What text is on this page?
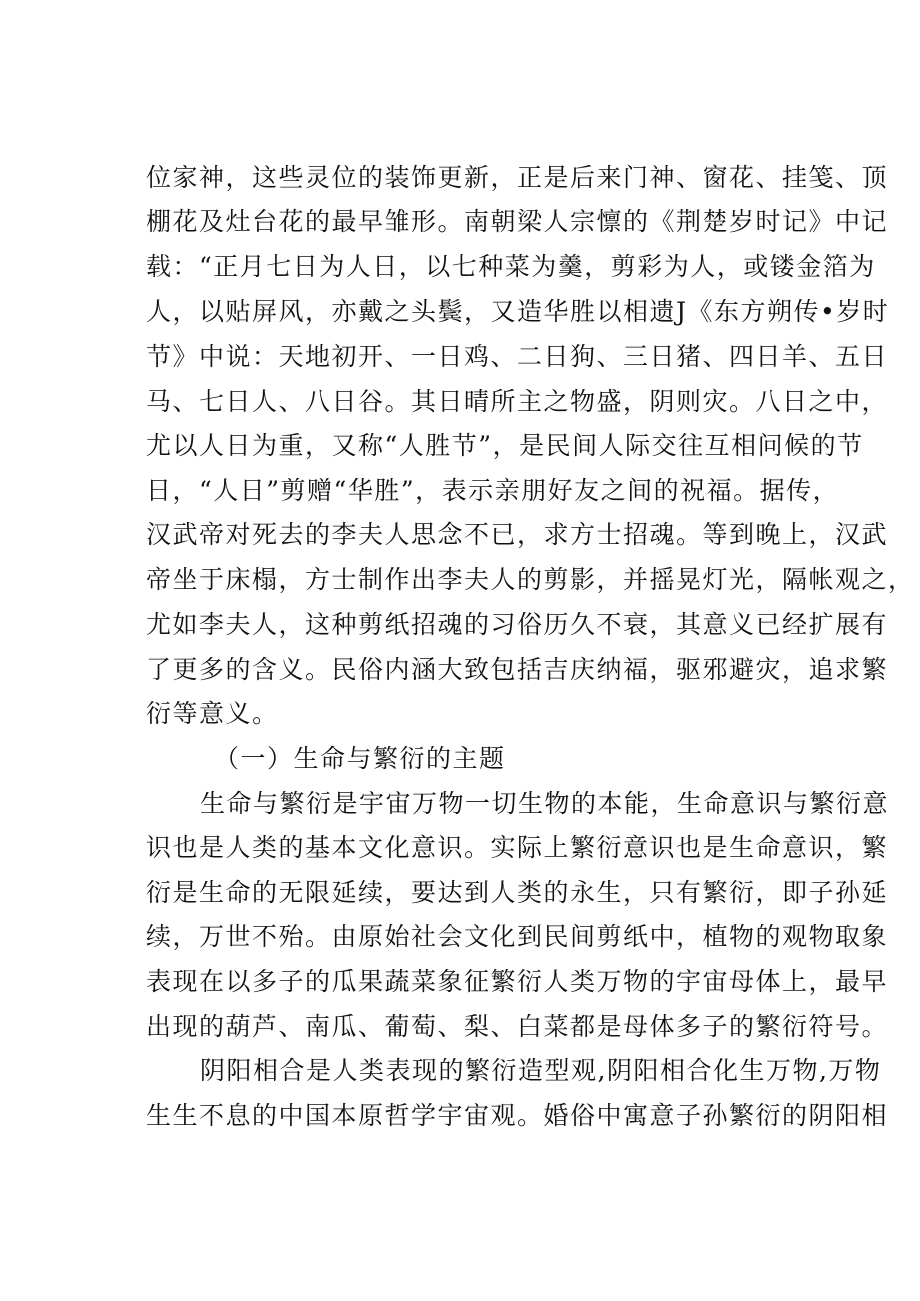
位家神，这些灵位的装饰更新，正是后来门神、窗花、挂笺、顶
棚花及灶台花的最早雏形。南朝梁人宗懔的《荆楚岁时记》中记
载：“正月七日为人日，以七种菜为羹，剪彩为人，或镂金箔为
人，以贴屏风，亦戴之头鬓，又造华胜以相遗J《东方朔传•岁时
节》中说：天地初开、一日鸡、二日狗、三日猪、四日羊、五日
马、七日人、八日谷。其日晴所主之物盛，阴则灾。八日之中，
尤以人日为重，又称“人胜节”，是民间人际交往互相问候的节
日，“人日”剪赠“华胜”，表示亲朋好友之间的祝福。据传，
汉武帝对死去的李夫人思念不已，求方士招魂。等到晚上，汉武
帝坐于床榻，方士制作出李夫人的剪影，并摇晃灯光，隔帐观之，
尤如李夫人，这种剪纸招魂的习俗历久不衰，其意义已经扩展有
了更多的含义。民俗内涵大致包括吉庆纳福，驱邪避灾，追求繁
衍等意义。
（一）生命与繁衍的主题
生命与繁衍是宇宙万物一切生物的本能，生命意识与繁衍意
识也是人类的基本文化意识。实际上繁衍意识也是生命意识，繁
衍是生命的无限延续，要达到人类的永生，只有繁衍，即子孙延
续，万世不殆。由原始社会文化到民间剪纸中，植物的观物取象
表现在以多子的瓜果蔬菜象征繁衍人类万物的宇宙母体上，最早
出现的葫芦、南瓜、葡萄、梨、白菜都是母体多子的繁衍符号。
阴阳相合是人类表现的繁衍造型观,阴阳相合化生万物,万物
生生不息的中国本原哲学宇宙观。婚俗中寓意子孙繁衍的阴阳相
